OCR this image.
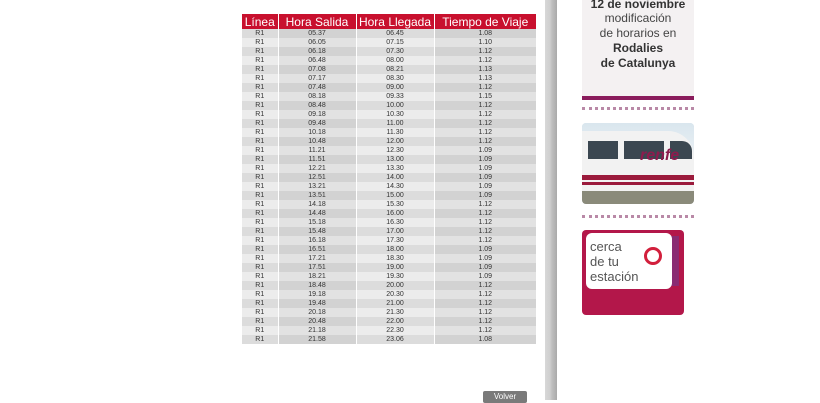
Línea	Hora Salida	Hora Llegada	Tiempo de Viaje
R1	05.37	06.45	1.08
R1	06.05	07.15	1.10
R1	06.18	07.30	1.12
R1	06.48	08.00	1.12
R1	07.08	08.21	1.13
R1	07.17	08.30	1.13
R1	07.48	09.00	1.12
R1	08.18	09.33	1.15
R1	08.48	10.00	1.12
R1	09.18	10.30	1.12
R1	09.48	11.00	1.12
R1	10.18	11.30	1.12
R1	10.48	12.00	1.12
R1	11.21	12.30	1.09
R1	11.51	13.00	1.09
R1	12.21	13.30	1.09
R1	12.51	14.00	1.09
R1	13.21	14.30	1.09
R1	13.51	15.00	1.09
R1	14.18	15.30	1.12
R1	14.48	16.00	1.12
R1	15.18	16.30	1.12
R1	15.48	17.00	1.12
R1	16.18	17.30	1.12
R1	16.51	18.00	1.09
R1	17.21	18.30	1.09
R1	17.51	19.00	1.09
R1	18.21	19.30	1.09
R1	18.48	20.00	1.12
R1	19.18	20.30	1.12
R1	19.48	21.00	1.12
R1	20.18	21.30	1.12
R1	20.48	22.00	1.12
R1	21.18	22.30	1.12
R1	21.58	23.06	1.08
Volver
12 de noviembre
modificación
de horarios en
Rodalies
de Catalunya
renfe
cerca
de tu
estación
